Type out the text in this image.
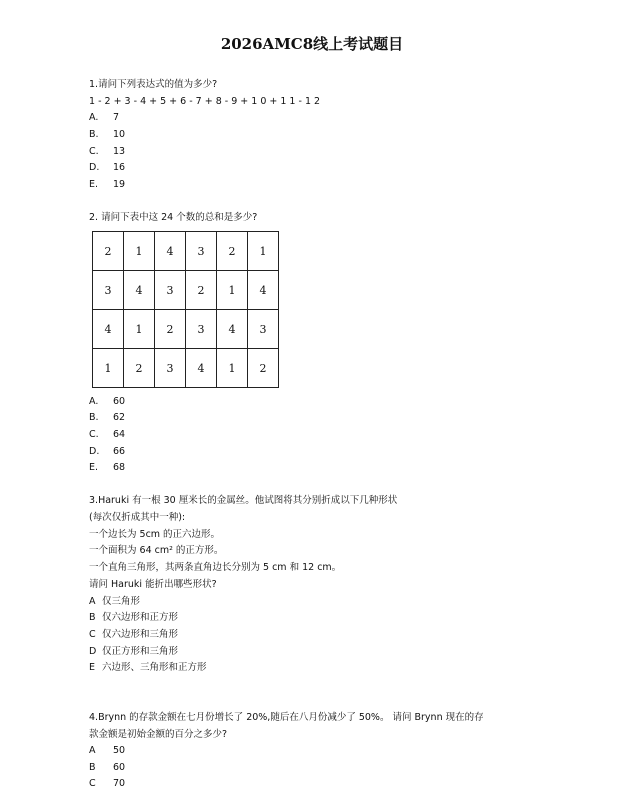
2026AMC8线上考试题目
1.请问下列表达式的值为多少?
1 - 2 + 3 - 4 + 5 + 6 - 7 + 8 - 9 + 1 0 + 1 1 - 1 2
A. 7
B. 10
C. 13
D. 16
E. 19
2. 请问下表中这 24 个数的总和是多少?
2	1	4	3	2	1
3	4	3	2	1	4
4	1	2	3	4	3
1	2	3	4	1	2
A. 60
B. 62
C. 64
D. 66
E. 68
3.Haruki 有一根 30 厘米长的金属丝。他试图将其分别折成以下几种形状
(每次仅折成其中一种):
一个边长为 5cm 的正六边形。
一个面积为 64 cm² 的正方形。
一个直角三角形，其两条直角边长分别为 5 cm 和 12 cm。
请问 Haruki 能折出哪些形状?
A 仅三角形
B 仅六边形和正方形
C 仅六边形和三角形
D 仅正方形和三角形
E 六边形、三角形和正方形
4.Brynn 的存款金额在七月份增长了 20%,随后在八月份减少了 50%。 请问 Brynn 现在的存
款金额是初始金额的百分之多少?
A 50
B 60
C 70
